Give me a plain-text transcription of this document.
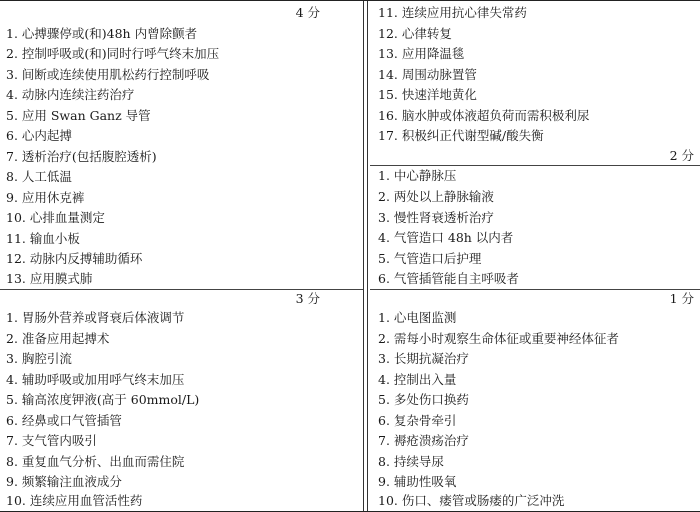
4 分
1. 心搏骤停或(和)48h 内曾除颤者
2. 控制呼吸或(和)同时行呼气终末加压
3. 间断或连续使用肌松药行控制呼吸
4. 动脉内连续注药治疗
5. 应用 Swan Ganz 导管
6. 心内起搏
7. 透析治疗(包括腹腔透析)
8. 人工低温
9. 应用休克裤
10. 心排血量测定
11. 输血小板
12. 动脉内反搏辅助循环
13. 应用膜式肺
3 分
1. 胃肠外营养或肾衰后体液调节
2. 准备应用起搏术
3. 胸腔引流
4. 辅助呼吸或加用呼气终末加压
5. 输高浓度钾液(高于 60mmol/L)
6. 经鼻或口气管插管
7. 支气管内吸引
8. 重复血气分析、出血而需住院
9. 频繁输注血液成分
10. 连续应用血管活性药
11. 连续应用抗心律失常药
12. 心律转复
13. 应用降温毯
14. 周围动脉置管
15. 快速洋地黄化
16. 脑水肿或体液超负荷而需积极利尿
17. 积极纠正代谢型碱/酸失衡
2 分
1. 中心静脉压
2. 两处以上静脉输液
3. 慢性肾衰透析治疗
4. 气管造口 48h 以内者
5. 气管造口后护理
6. 气管插管能自主呼吸者
1 分
1. 心电图监测
2. 需每小时观察生命体征或重要神经体征者
3. 长期抗凝治疗
4. 控制出入量
5. 多处伤口换药
6. 复杂骨牵引
7. 褥疮溃疡治疗
8. 持续导尿
9. 辅助性吸氧
10. 伤口、瘘管或肠瘘的广泛冲洗
